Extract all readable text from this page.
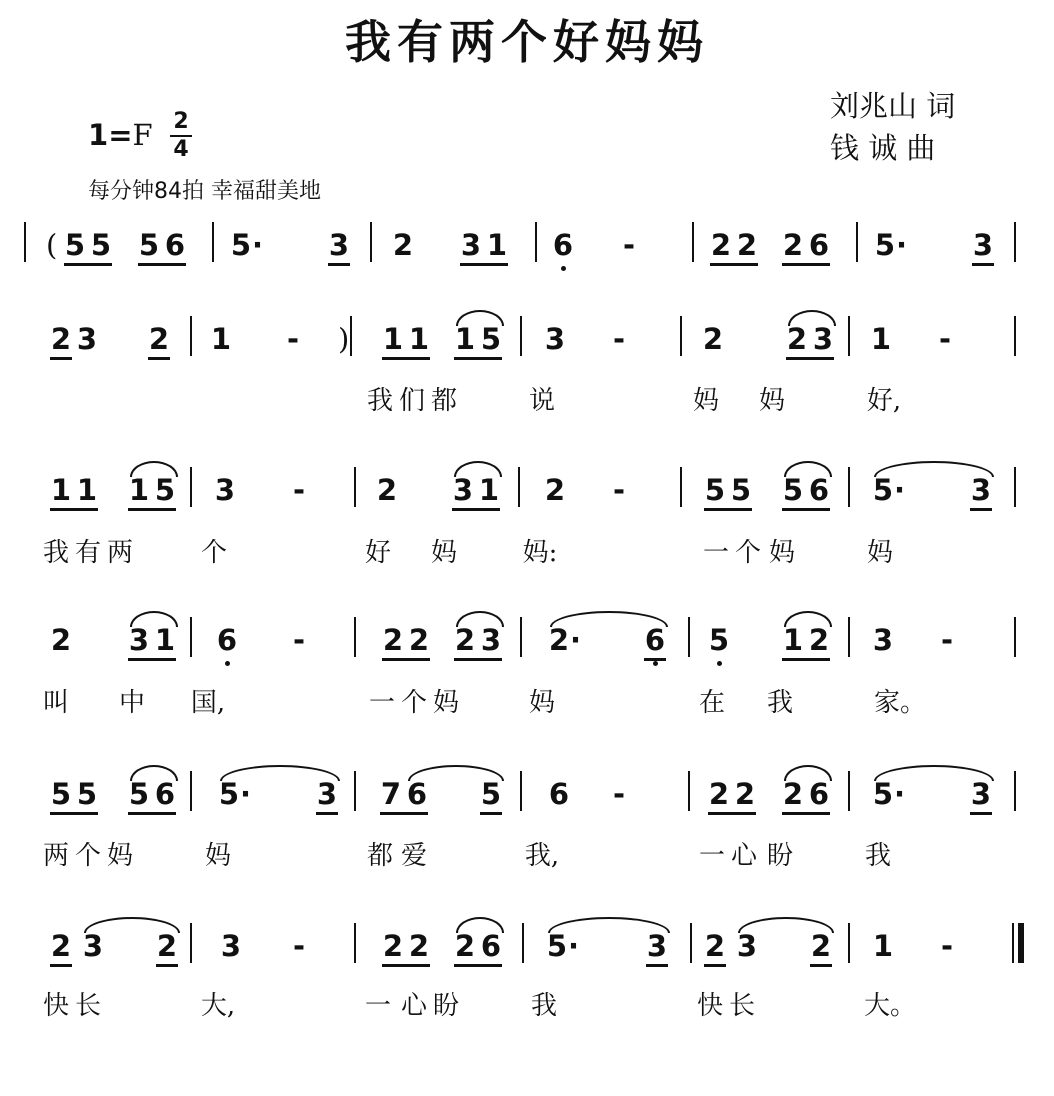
我有两个好妈妈
刘兆山 词
钱 诚 曲
1=F 2
4
每分钟84拍 幸福甜美地
(
)
5 5 5 6 5	3 2 3 1 6 -	2 2 2 6 5	3
2 3 2 1 -	1 1 1 5 3 -	2 2 3 1 -
我 们 都	说	妈 妈	好,
1 1 1 5 3 - 2 3 1 2 -	5 5 5 6 5	3
我 有 两	个	好 妈	妈:	一 个 妈	妈
2 3 1 6 -	2 2 2 3 2	6 5 1 2 3 -
叫 中 国,	一 个 妈	妈	在 我	家。
5 5 5 6 5	3 7 6 5 6 -	2 2 2 6 5	3
两 个 妈	妈	都 爱	我,	一 心 盼	我
2 3 2 3 -	2 2 2 6 5	3 2 3 2 1 -
快 长	大,	一 心 盼	我	快 长	大。
·	·
·
·
·	·
·
